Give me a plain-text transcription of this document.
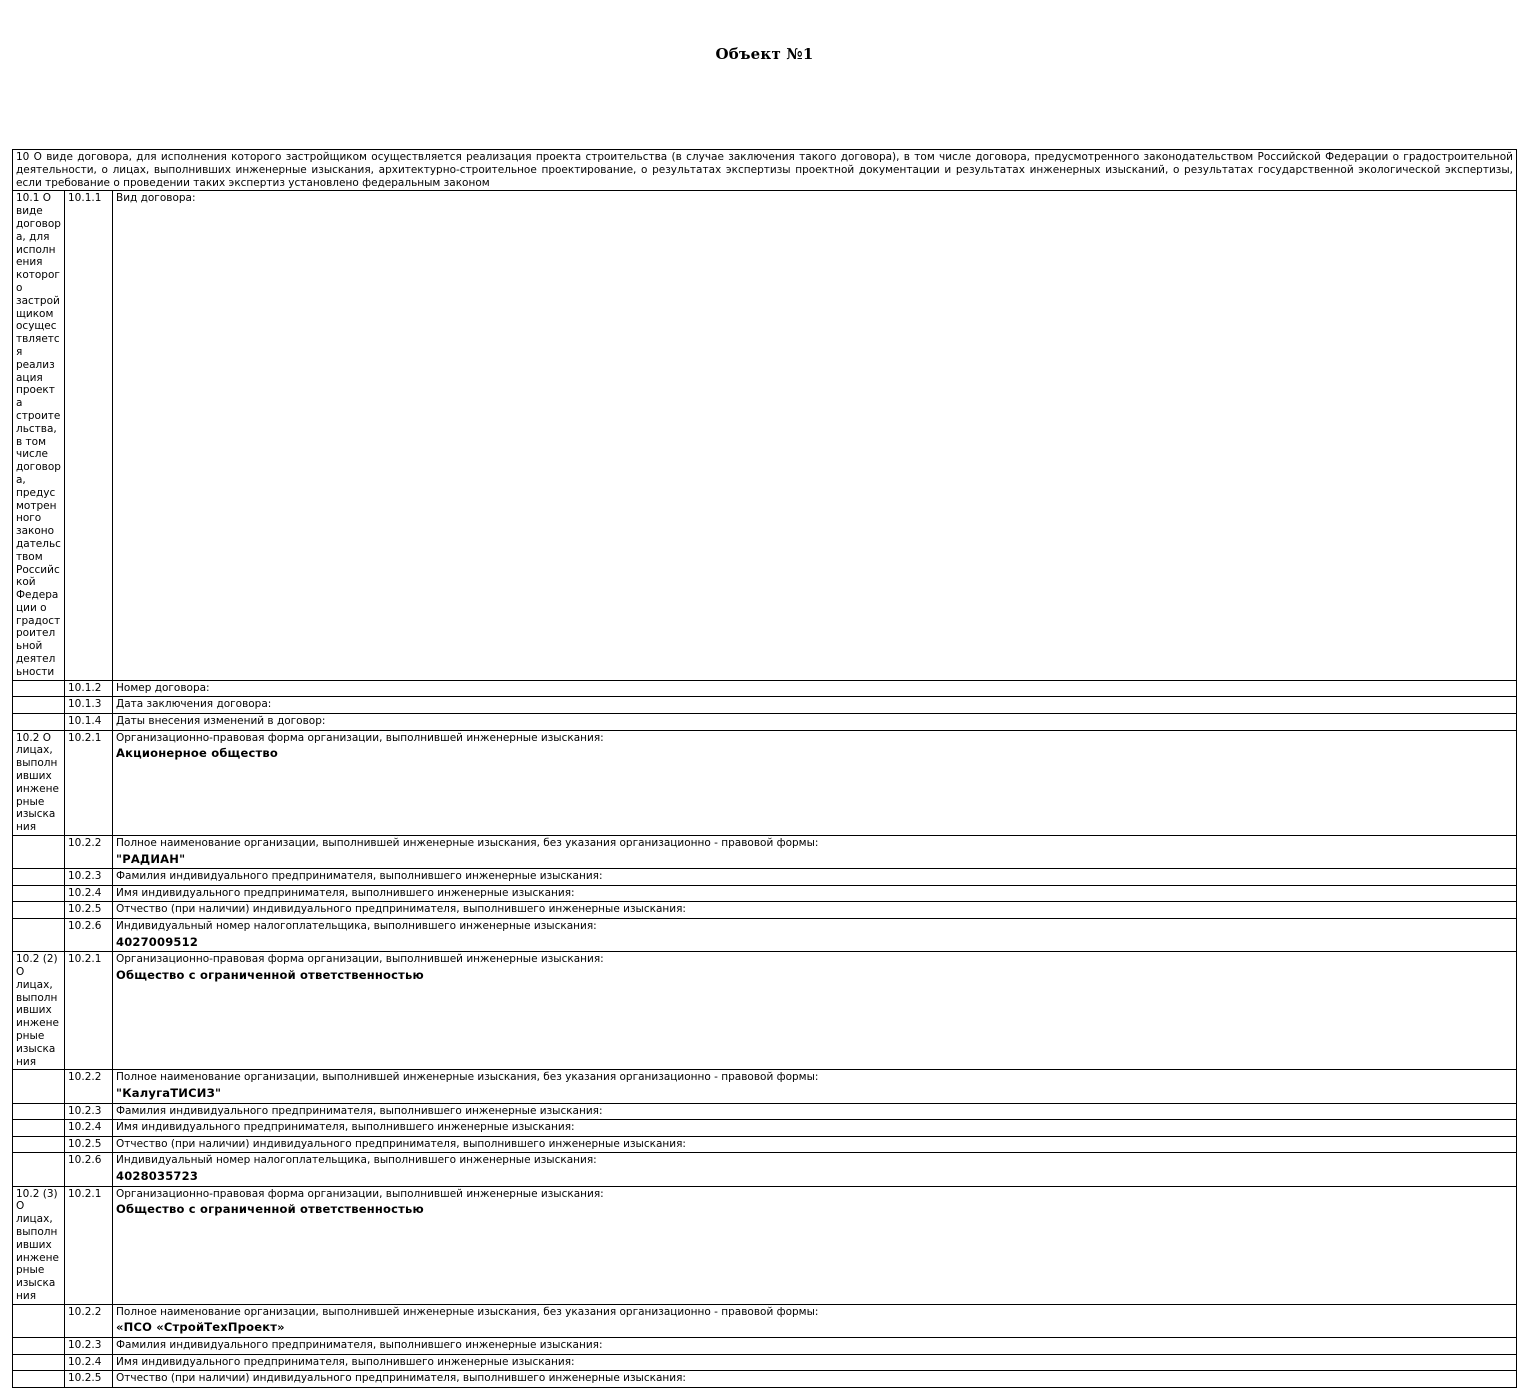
Объект №1
10 О виде договора, для исполнения которого застройщиком осуществляется реализация проекта строительства (в случае заключения такого договора), в том числе договора, предусмотренного законодательством Российской Федерации о градостроительной деятельности, о лицах, выполнивших инженерные изыскания, архитектурно-строительное проектирование, о результатах экспертизы проектной документации и результатах инженерных изысканий, о результатах государственной экологической экспертизы, если требование о проведении таких экспертиз установлено федеральным законом		
10.1 О виде договора, для исполнения которого застройщиком осуществляется реализация проекта строительства, в том числе договора, предусмотренного законодательством Российской Федерации о градостроительной деятельности	10.1.1	Вид договора:

	10.1.2	Номер договора:

	10.1.3	Дата заключения договора:

	10.1.4	Даты внесения изменений в договор:

10.2 О лицах, выполнивших инженерные изыскания	10.2.1	Организационно-правовая форма организации, выполнившей инженерные изыскания:
Акционерное общество

	10.2.2	Полное наименование организации, выполнившей инженерные изыскания, без указания организационно - правовой формы:
"РАДИАН"

	10.2.3	Фамилия индивидуального предпринимателя, выполнившего инженерные изыскания:

	10.2.4	Имя индивидуального предпринимателя, выполнившего инженерные изыскания:

	10.2.5	Отчество (при наличии) индивидуального предпринимателя, выполнившего инженерные изыскания:

	10.2.6	Индивидуальный номер налогоплательщика, выполнившего инженерные изыскания:
4027009512

10.2 (2) О лицах, выполнивших инженерные изыскания	10.2.1	Организационно-правовая форма организации, выполнившей инженерные изыскания:
Общество с ограниченной ответственностью

	10.2.2	Полное наименование организации, выполнившей инженерные изыскания, без указания организационно - правовой формы:
"КалугаТИСИЗ"

	10.2.3	Фамилия индивидуального предпринимателя, выполнившего инженерные изыскания:

	10.2.4	Имя индивидуального предпринимателя, выполнившего инженерные изыскания:

	10.2.5	Отчество (при наличии) индивидуального предпринимателя, выполнившего инженерные изыскания:

	10.2.6	Индивидуальный номер налогоплательщика, выполнившего инженерные изыскания:
4028035723

10.2 (3) О лицах, выполнивших инженерные изыскания	10.2.1	Организационно-правовая форма организации, выполнившей инженерные изыскания:
Общество с ограниченной ответственностью

	10.2.2	Полное наименование организации, выполнившей инженерные изыскания, без указания организационно - правовой формы:
«ПСО «СтройТехПроект»

	10.2.3	Фамилия индивидуального предпринимателя, выполнившего инженерные изыскания:

	10.2.4	Имя индивидуального предпринимателя, выполнившего инженерные изыскания:

	10.2.5	Отчество (при наличии) индивидуального предпринимателя, выполнившего инженерные изыскания:
